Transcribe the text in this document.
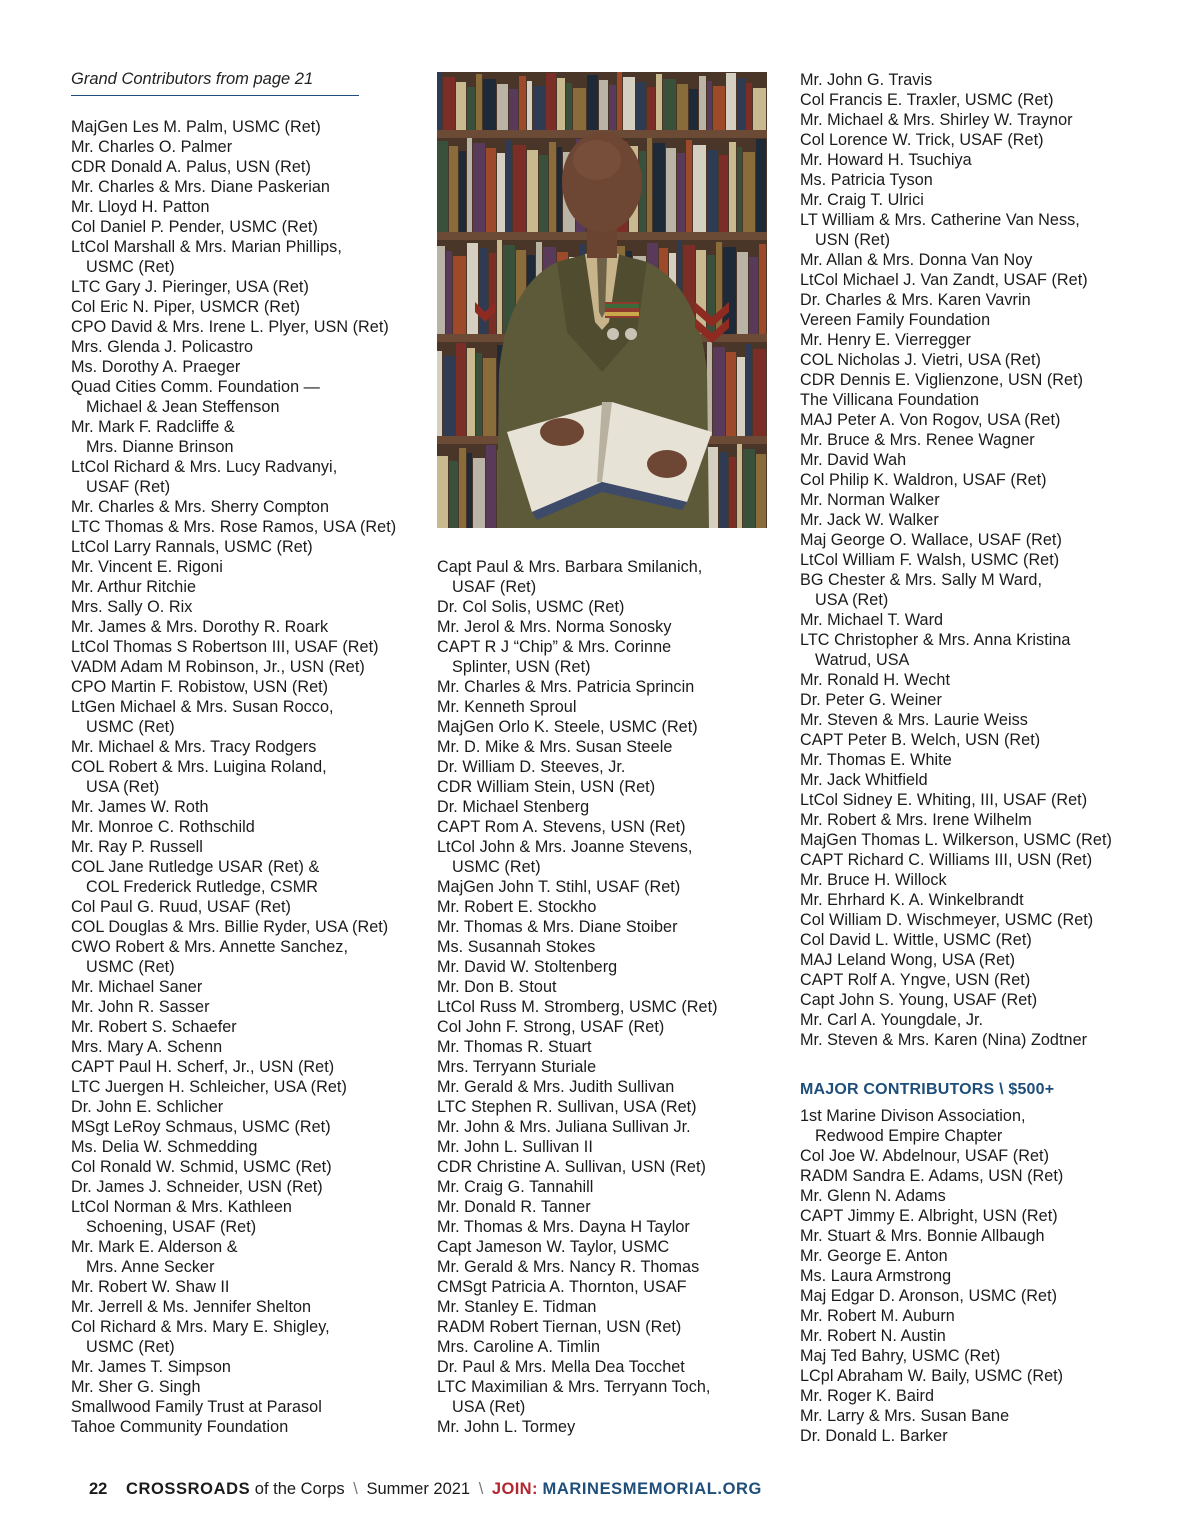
Grand Contributors from page 21
MajGen Les M. Palm, USMC (Ret)
Mr. Charles O. Palmer
CDR Donald A. Palus, USN (Ret)
Mr. Charles & Mrs. Diane Paskerian
Mr. Lloyd H. Patton
Col Daniel P. Pender, USMC (Ret)
LtCol Marshall & Mrs. Marian Phillips,
USMC (Ret)
LTC Gary J. Pieringer, USA (Ret)
Col Eric N. Piper, USMCR (Ret)
CPO David & Mrs. Irene L. Plyer, USN (Ret)
Mrs. Glenda J. Policastro
Ms. Dorothy A. Praeger
Quad Cities Comm. Foundation —
Michael & Jean Steffenson
Mr. Mark F. Radcliffe &
Mrs. Dianne Brinson
LtCol Richard & Mrs. Lucy Radvanyi,
USAF (Ret)
Mr. Charles & Mrs. Sherry Compton
LTC Thomas & Mrs. Rose Ramos, USA (Ret)
LtCol Larry Rannals, USMC (Ret)
Mr. Vincent E. Rigoni
Mr. Arthur Ritchie
Mrs. Sally O. Rix
Mr. James & Mrs. Dorothy R. Roark
LtCol Thomas S Robertson III, USAF (Ret)
VADM Adam M Robinson, Jr., USN (Ret)
CPO Martin F. Robistow, USN (Ret)
LtGen Michael & Mrs. Susan Rocco,
USMC (Ret)
Mr. Michael & Mrs. Tracy Rodgers
COL Robert & Mrs. Luigina Roland,
USA (Ret)
Mr. James W. Roth
Mr. Monroe C. Rothschild
Mr. Ray P. Russell
COL Jane Rutledge USAR (Ret) &
COL Frederick Rutledge, CSMR
Col Paul G. Ruud, USAF (Ret)
COL Douglas & Mrs. Billie Ryder, USA (Ret)
CWO Robert & Mrs. Annette Sanchez,
USMC (Ret)
Mr. Michael Saner
Mr. John R. Sasser
Mr. Robert S. Schaefer
Mrs. Mary A. Schenn
CAPT Paul H. Scherf, Jr., USN (Ret)
LTC Juergen H. Schleicher, USA (Ret)
Dr. John E. Schlicher
MSgt LeRoy Schmaus, USMC (Ret)
Ms. Delia W. Schmedding
Col Ronald W. Schmid, USMC (Ret)
Dr. James J. Schneider, USN (Ret)
LtCol Norman & Mrs. Kathleen
Schoening, USAF (Ret)
Mr. Mark E. Alderson &
Mrs. Anne Secker
Mr. Robert W. Shaw II
Mr. Jerrell & Ms. Jennifer Shelton
Col Richard & Mrs. Mary E. Shigley,
USMC (Ret)
Mr. James T. Simpson
Mr. Sher G. Singh
Smallwood Family Trust at Parasol
Tahoe Community Foundation
Capt Paul & Mrs. Barbara Smilanich,
USAF (Ret)
Dr. Col Solis, USMC (Ret)
Mr. Jerol & Mrs. Norma Sonosky
CAPT R J “Chip” & Mrs. Corinne
Splinter, USN (Ret)
Mr. Charles & Mrs. Patricia Sprincin
Mr. Kenneth Sproul
MajGen Orlo K. Steele, USMC (Ret)
Mr. D. Mike & Mrs. Susan Steele
Dr. William D. Steeves, Jr.
CDR William Stein, USN (Ret)
Dr. Michael Stenberg
CAPT Rom A. Stevens, USN (Ret)
LtCol John & Mrs. Joanne Stevens,
USMC (Ret)
MajGen John T. Stihl, USAF (Ret)
Mr. Robert E. Stockho
Mr. Thomas & Mrs. Diane Stoiber
Ms. Susannah Stokes
Mr. David W. Stoltenberg
Mr. Don B. Stout
LtCol Russ M. Stromberg, USMC (Ret)
Col John F. Strong, USAF (Ret)
Mr. Thomas R. Stuart
Mrs. Terryann Sturiale
Mr. Gerald & Mrs. Judith Sullivan
LTC Stephen R. Sullivan, USA (Ret)
Mr. John & Mrs. Juliana Sullivan Jr.
Mr. John L. Sullivan II
CDR Christine A. Sullivan, USN (Ret)
Mr. Craig G. Tannahill
Mr. Donald R. Tanner
Mr. Thomas & Mrs. Dayna H Taylor
Capt Jameson W. Taylor, USMC
Mr. Gerald & Mrs. Nancy R. Thomas
CMSgt Patricia A. Thornton, USAF
Mr. Stanley E. Tidman
RADM Robert Tiernan, USN (Ret)
Mrs. Caroline A. Timlin
Dr. Paul & Mrs. Mella Dea Tocchet
LTC Maximilian & Mrs. Terryann Toch,
USA (Ret)
Mr. John L. Tormey
Mr. John G. Travis
Col Francis E. Traxler, USMC (Ret)
Mr. Michael & Mrs. Shirley W. Traynor
Col Lorence W. Trick, USAF (Ret)
Mr. Howard H. Tsuchiya
Ms. Patricia Tyson
Mr. Craig T. Ulrici
LT William & Mrs. Catherine Van Ness,
USN (Ret)
Mr. Allan & Mrs. Donna Van Noy
LtCol Michael J. Van Zandt, USAF (Ret)
Dr. Charles & Mrs. Karen Vavrin
Vereen Family Foundation
Mr. Henry E. Vierregger
COL Nicholas J. Vietri, USA (Ret)
CDR Dennis E. Viglienzone, USN (Ret)
The Villicana Foundation
MAJ Peter A. Von Rogov, USA (Ret)
Mr. Bruce & Mrs. Renee Wagner
Mr. David Wah
Col Philip K. Waldron, USAF (Ret)
Mr. Norman Walker
Mr. Jack W. Walker
Maj George O. Wallace, USAF (Ret)
LtCol William F. Walsh, USMC (Ret)
BG Chester & Mrs. Sally M Ward,
USA (Ret)
Mr. Michael T. Ward
LTC Christopher & Mrs. Anna Kristina
Watrud, USA
Mr. Ronald H. Wecht
Dr. Peter G. Weiner
Mr. Steven & Mrs. Laurie Weiss
CAPT Peter B. Welch, USN (Ret)
Mr. Thomas E. White
Mr. Jack Whitfield
LtCol Sidney E. Whiting, III, USAF (Ret)
Mr. Robert & Mrs. Irene Wilhelm
MajGen Thomas L. Wilkerson, USMC (Ret)
CAPT Richard C. Williams III, USN (Ret)
Mr. Bruce H. Willock
Mr. Ehrhard K. A. Winkelbrandt
Col William D. Wischmeyer, USMC (Ret)
Col David L. Wittle, USMC (Ret)
MAJ Leland Wong, USA (Ret)
CAPT Rolf A. Yngve, USN (Ret)
Capt John S. Young, USAF (Ret)
Mr. Carl A. Youngdale, Jr.
Mr. Steven & Mrs. Karen (Nina) Zodtner
MAJOR CONTRIBUTORS \ $500+
1st Marine Divison Association,
Redwood Empire Chapter
Col Joe W. Abdelnour, USAF (Ret)
RADM Sandra E. Adams, USN (Ret)
Mr. Glenn N. Adams
CAPT Jimmy E. Albright, USN (Ret)
Mr. Stuart & Mrs. Bonnie Allbaugh
Mr. George E. Anton
Ms. Laura Armstrong
Maj Edgar D. Aronson, USMC (Ret)
Mr. Robert M. Auburn
Mr. Robert N. Austin
Maj Ted Bahry, USMC (Ret)
LCpl Abraham W. Baily, USMC (Ret)
Mr. Roger K. Baird
Mr. Larry & Mrs. Susan Bane
Dr. Donald L. Barker
22 CROSSROADS of the Corps \ Summer 2021 \ JOIN: MARINESMEMORIAL.ORG
